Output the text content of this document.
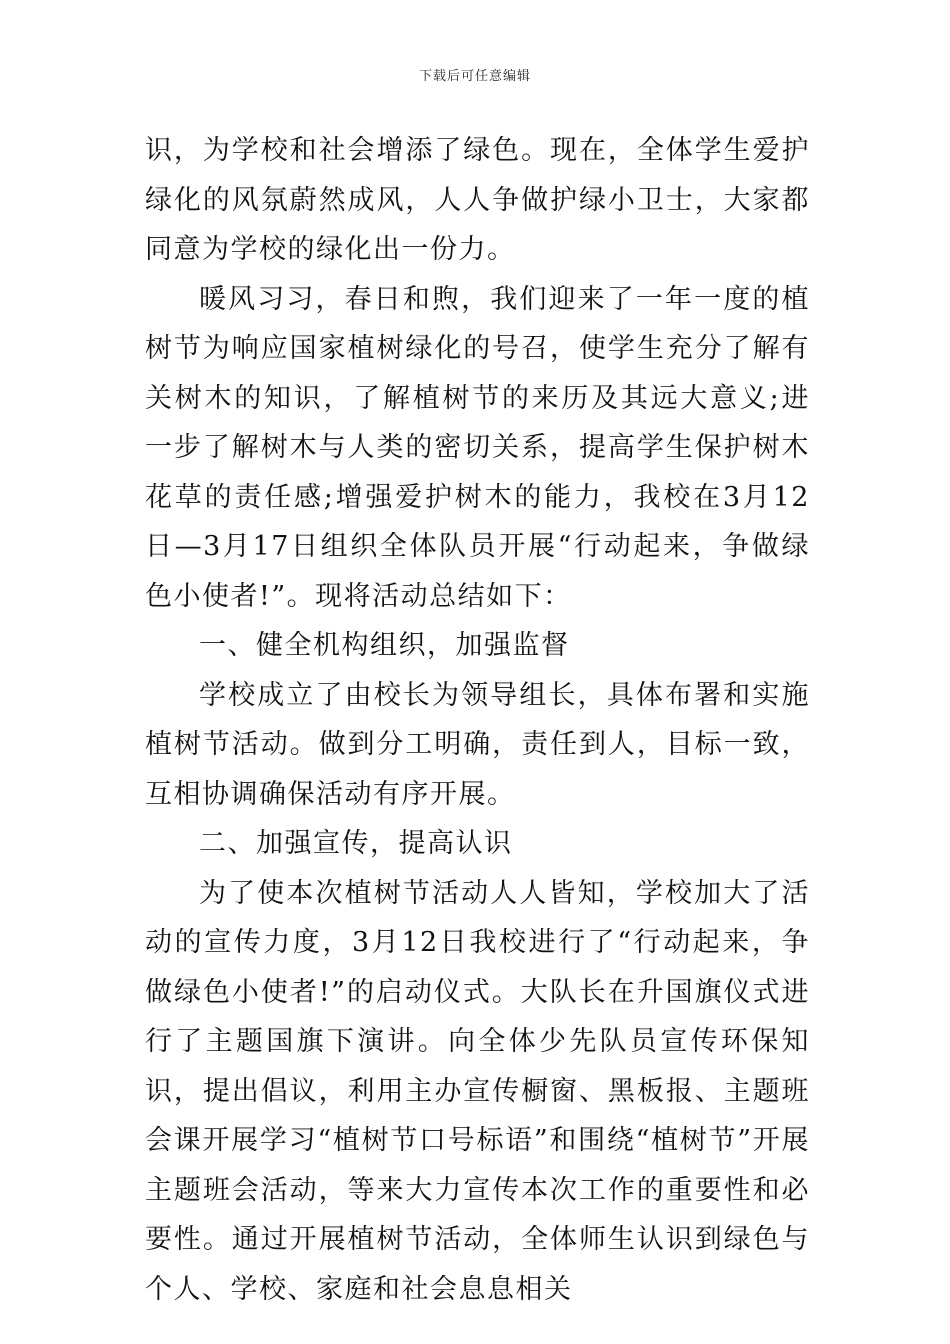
下载后可任意编辑

识，为学校和社会增添了绿色。现在，全体学生爱护绿化的风氛蔚然成风，人人争做护绿小卫士，大家都同意为学校的绿化出一份力。

暖风习习，春日和煦，我们迎来了一年一度的植树节为响应国家植树绿化的号召，使学生充分了解有关树木的知识，了解植树节的来历及其远大意义;进一步了解树木与人类的密切关系，提高学生保护树木花草的责任感;增强爱护树木的能力，我校在3月12日—3月17日组织全体队员开展“行动起来，争做绿色小使者!”。现将活动总结如下：

一、健全机构组织，加强监督

学校成立了由校长为领导组长，具体布署和实施植树节活动。做到分工明确，责任到人，目标一致，互相协调确保活动有序开展。

二、加强宣传，提高认识

为了使本次植树节活动人人皆知，学校加大了活动的宣传力度，3月12日我校进行了“行动起来，争做绿色小使者!”的启动仪式。大队长在升国旗仪式进行了主题国旗下演讲。向全体少先队员宣传环保知识，提出倡议，利用主办宣传橱窗、黑板报、主题班会课开展学习“植树节口号标语”和围绕“植树节”开展主题班会活动，等来大力宣传本次工作的重要性和必要性。通过开展植树节活动，全体师生认识到绿色与个人、学校、家庭和社会息息相关
